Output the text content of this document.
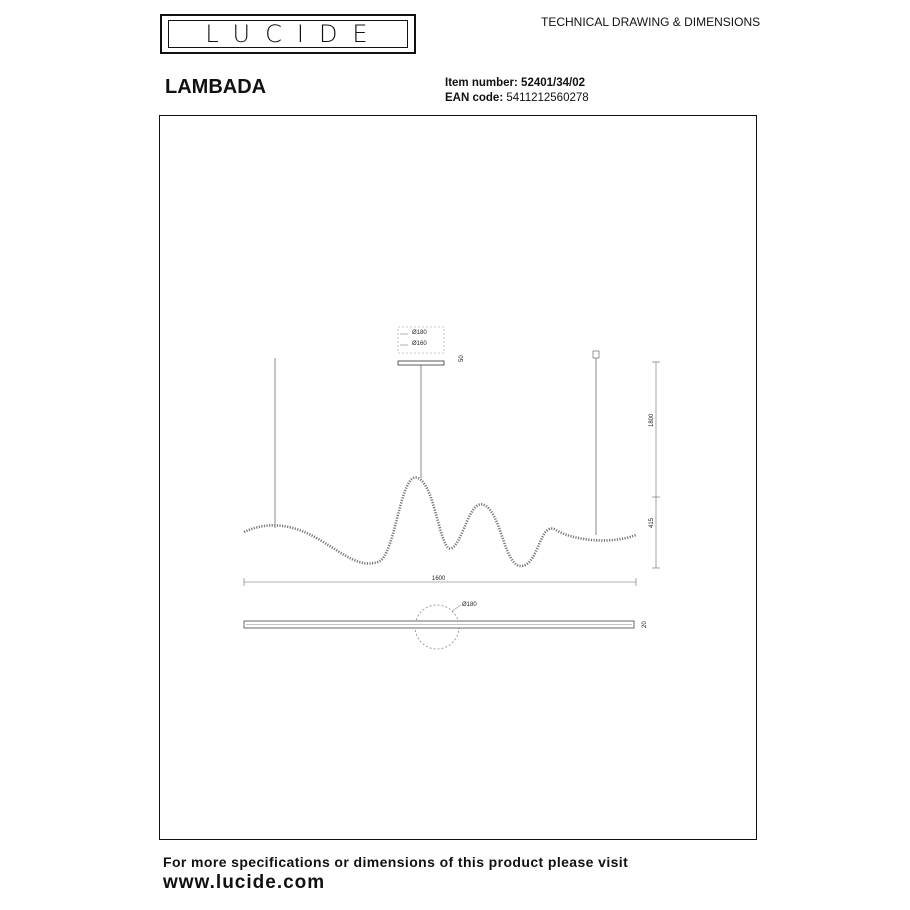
LUCIDE	TECHNICAL DRAWING & DIMENSIONS
LAMBADA	Item number: 52401/34/02
EAN code: 5411212560278
Ø180
Ø160
50
1800
415
1600
Ø180
20
For more specifications or dimensions of this product please visit
www.lucide.com
